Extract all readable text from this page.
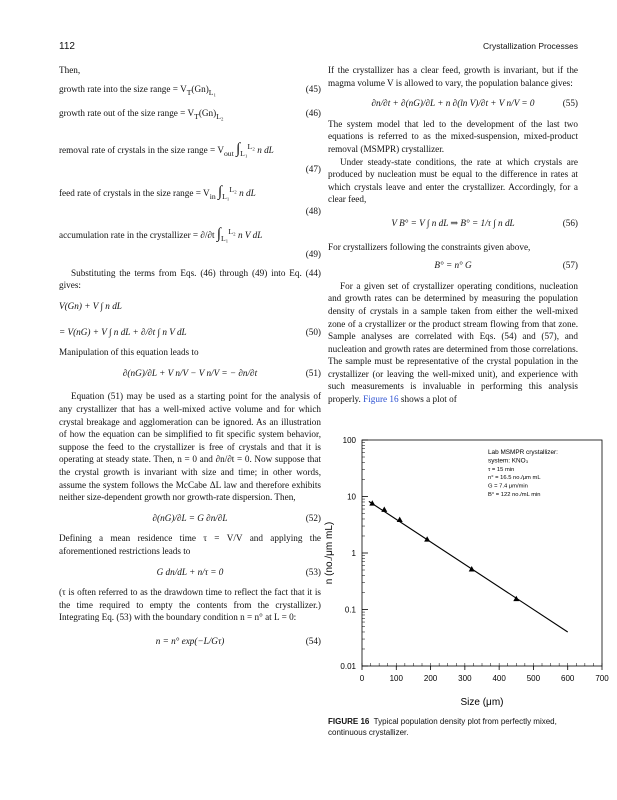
112	Crystallization Processes

Then,

growth rate into the size range = $V_T(Gn)_{L_1}$	(45)
growth rate out of the size range = $V_T(Gn)_{L_2}$	(46)
removal rate of crystals in the size range = $V_{out}$ $\int_{L_1}^{L_2}$ n dL
(47)
feed rate of crystals in the size range = $V_{in}$ $\int_{L_1}^{L_2}$ n dL
(48)
accumulation rate in the crystallizer = ∂/∂t $\int_{L_1}^{L_2}$ n V dL
(49)

Substituting the terms from Eqs. (46) through (49) into Eq. (44) gives:

V(Gn) + V ∫ n dL
= V(nG) + V ∫ n dL + ∂/∂t ∫ n V dL	(50)

Manipulation of this equation leads to

∂(nG)/∂L + V n/V − V n/V = − ∂n/∂t	(51)

Equation (51) may be used as a starting point for the analysis of any crystallizer that has a well-mixed active volume and for which crystal breakage and agglomeration can be ignored. As an illustration of how the equation can be simplified to fit specific system behavior, suppose the feed to the crystallizer is free of crystals and that it is operating at steady state. Then, n = 0 and ∂n/∂t = 0. Now suppose that the crystal growth is invariant with size and time; in other words, assume the system follows the McCabe ΔL law and therefore exhibits neither size-dependent growth nor growth-rate dispersion. Then,

∂(nG)/∂L = G ∂n/∂L	(52)

Defining a mean residence time τ = V/V and applying the aforementioned restrictions leads to

G dn/dL + n/τ = 0	(53)

(τ is often referred to as the drawdown time to reflect the fact that it is the time required to empty the contents from the crystallizer.) Integrating Eq. (53) with the boundary condition n = n° at L = 0:

n = n° exp(−L/Gτ)	(54)

If the crystallizer has a clear feed, growth is invariant, but if the magma volume V is allowed to vary, the population balance gives:

∂n/∂t + ∂(nG)/∂L + n ∂(ln V)/∂t + V n/V = 0	(55)

The system model that led to the development of the last two equations is referred to as the mixed-suspension, mixed-product removal (MSMPR) crystallizer.

Under steady-state conditions, the rate at which crystals are produced by nucleation must be equal to the difference in rates at which crystals leave and enter the crystallizer. Accordingly, for a clear feed,

V B° = V ∫ n dL ⇒ B° = 1/τ ∫ n dL	(56)

For crystallizers following the constraints given above,

B° = n° G	(57)

For a given set of crystallizer operating conditions, nucleation and growth rates can be determined by measuring the population density of crystals in a sample taken from either the well-mixed zone of a crystallizer or the product stream flowing from that zone. Sample analyses are correlated with Eqs. (54) and (57), and nucleation and growth rates are determined from those correlations. The sample must be representative of the crystal population in the crystallizer (or leaving the well-mixed unit), and experience with such measurements is invaluable in performing this analysis properly. Figure 16 shows a plot of

0	100	200	300	400	500	600	700
100
10
1
0.1
0.01
Lab MSMPR crystallizer:
system: KNO₃
τ = 15 min
n° = 16.5 no./μm mL
G = 7.4 μm/min
B° = 122 no./mL min
Size (μm)
n (no./μm mL)
FIGURE 16 Typical population density plot from perfectly mixed, continuous crystallizer.
